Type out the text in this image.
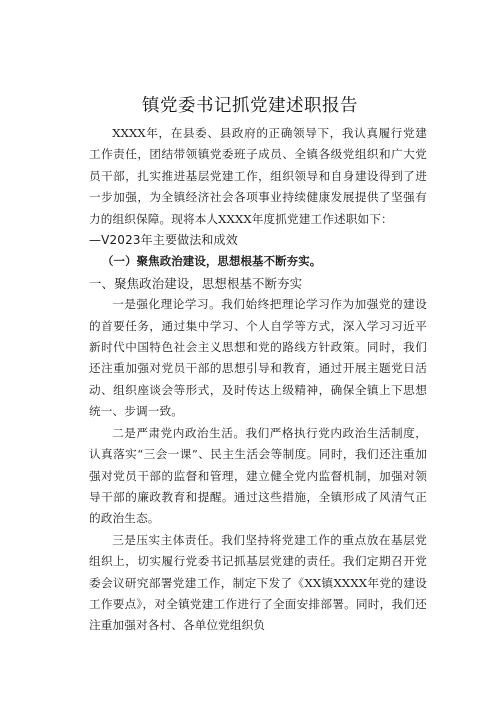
镇党委书记抓党建述职报告

XXXX年，在县委、县政府的正确领导下，我认真履行党建工作责任，团结带领镇党委班子成员、全镇各级党组织和广大党员干部，扎实推进基层党建工作，组织领导和自身建设得到了进一步加强，为全镇经济社会各项事业持续健康发展提供了坚强有力的组织保障。现将本人XXXX年度抓党建工作述职如下：

—V2023年主要做法和成效

（一）聚焦政治建设，思想根基不断夯实。

一、聚焦政治建设，思想根基不断夯实

一是强化理论学习。我们始终把理论学习作为加强党的建设的首要任务，通过集中学习、个人自学等方式，深入学习习近平新时代中国特色社会主义思想和党的路线方针政策。同时，我们还注重加强对党员干部的思想引导和教育，通过开展主题党日活动、组织座谈会等形式，及时传达上级精神，确保全镇上下思想统一、步调一致。

二是严肃党内政治生活。我们严格执行党内政治生活制度，认真落实“三会一课”、民主生活会等制度。同时，我们还注重加强对党员干部的监督和管理，建立健全党内监督机制，加强对领导干部的廉政教育和提醒。通过这些措施，全镇形成了风清气正的政治生态。

三是压实主体责任。我们坚持将党建工作的重点放在基层党组织上，切实履行党委书记抓基层党建的责任。我们定期召开党委会议研究部署党建工作，制定下发了《XX镇XXXX年党的建设工作要点》，对全镇党建工作进行了全面安排部署。同时，我们还注重加强对各村、各单位党组织负
